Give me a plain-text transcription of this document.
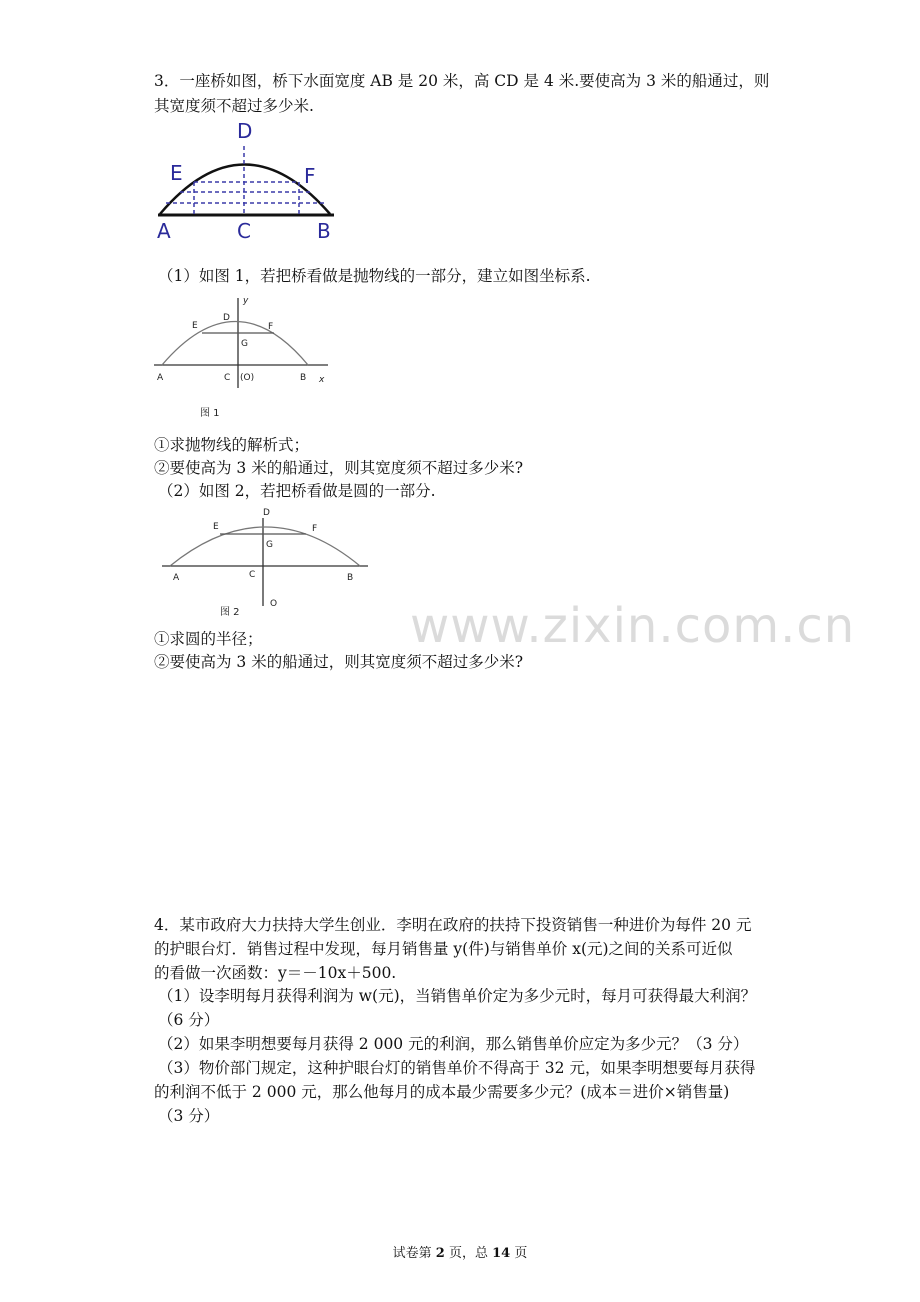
3．一座桥如图，桥下水面宽度 AB 是 20 米，高 CD 是 4 米.要使高为 3 米的船通过，则
其宽度须不超过多少米.
D
E	F
A	C	B
（1）如图 1，若把桥看做是抛物线的一部分，建立如图坐标系.
y
x
D
E	F
G
A	C (O)	B
图 1
①求抛物线的解析式；
②要使高为 3 米的船通过，则其宽度须不超过多少米?
（2）如图 2，若把桥看做是圆的一部分.
D
E	F
G
A	C	B
O
图 2	www.zixin.com.cn
①求圆的半径；
②要使高为 3 米的船通过，则其宽度须不超过多少米?
4．某市政府大力扶持大学生创业．李明在政府的扶持下投资销售一种进价为每件 20 元
的护眼台灯．销售过程中发现，每月销售量 y(件)与销售单价 x(元)之间的关系可近似
的看做一次函数：y＝－10x＋500.
（1）设李明每月获得利润为 w(元)，当销售单价定为多少元时，每月可获得最大利润？
（6 分）
（2）如果李明想要每月获得 2 000 元的利润，那么销售单价应定为多少元？（3 分）
（3）物价部门规定，这种护眼台灯的销售单价不得高于 32 元，如果李明想要每月获得
的利润不低于 2 000 元，那么他每月的成本最少需要多少元？(成本＝进价×销售量)
（3 分）
试卷第 2 页，总 14 页
